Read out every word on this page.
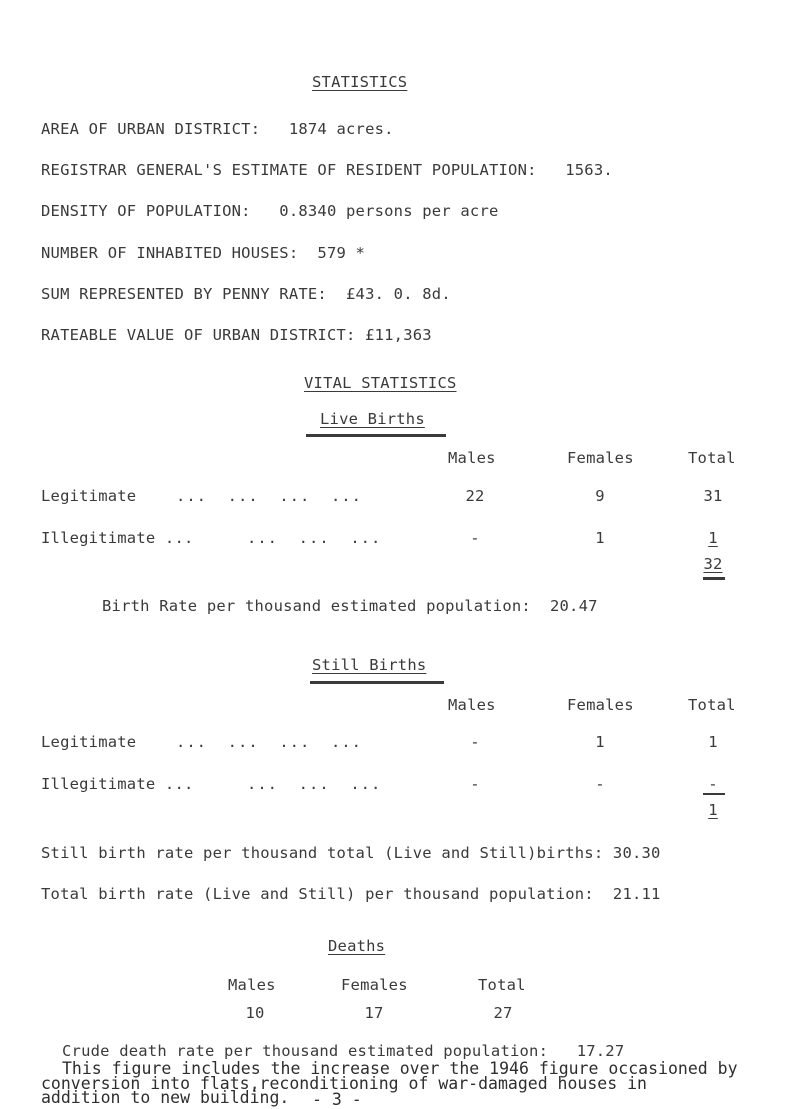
STATISTICS
AREA OF URBAN DISTRICT:   1874 acres.
REGISTRAR GENERAL'S ESTIMATE OF RESIDENT POPULATION:   1563.
DENSITY OF POPULATION:   0.8340 persons per acre
NUMBER OF INHABITED HOUSES:  579 *
SUM REPRESENTED BY PENNY RATE:  £43. 0. 8d.
RATEABLE VALUE OF URBAN DISTRICT: £11,363
VITAL STATISTICS
Live Births
Males	Females	Total
Legitimate	...  ...  ...  ...	22	9	31
Illegitimate ...	...  ...  ...	-	1	1
32
Birth Rate per thousand estimated population:  20.47
Still Births
Males	Females	Total
Legitimate	...  ...  ...  ...	-	1	1
Illegitimate ...	...  ...  ...	-	-	-
1
Still birth rate per thousand total (Live and Still)births: 30.30
Total birth rate (Live and Still) per thousand population:  21.11
Deaths
Males	Females	Total
10	17	27
Crude death rate per thousand estimated population:   17.27
This figure includes the increase over the 1946 figure occasioned by
conversion into flats,reconditioning of war-damaged houses in
addition to new building. - 3 -
